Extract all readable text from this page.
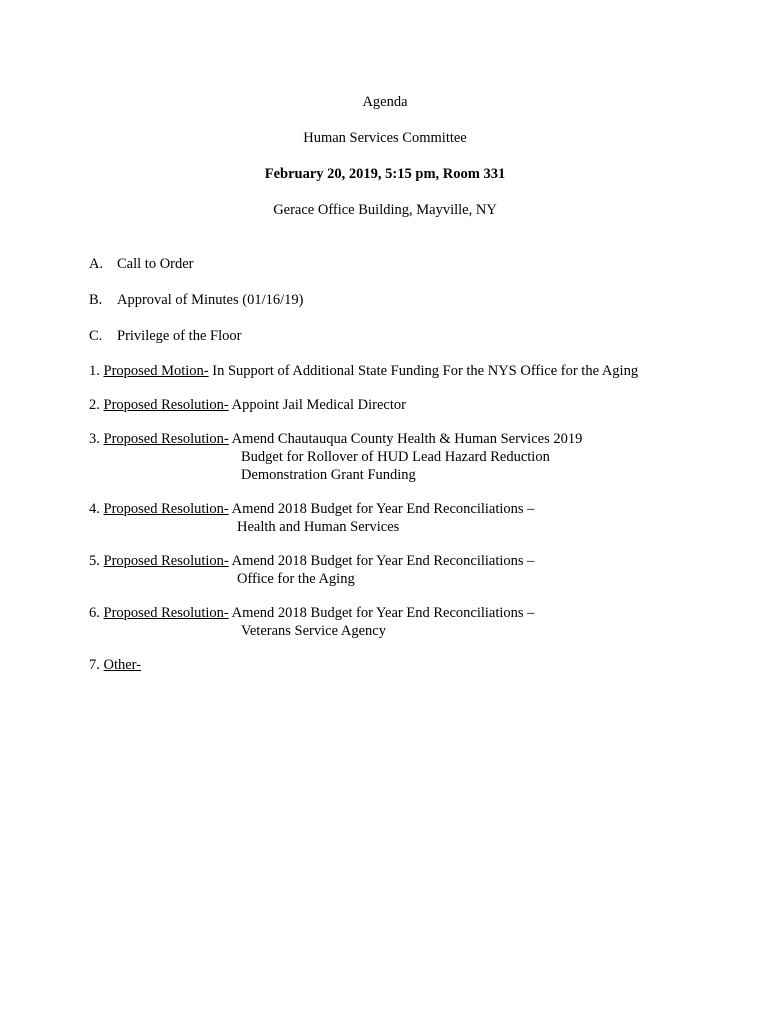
Agenda
Human Services Committee
February 20, 2019, 5:15 pm, Room 331
Gerace Office Building, Mayville, NY
A. Call to Order
B.	Approval of Minutes (01/16/19)
C.	Privilege of the Floor
1. Proposed Motion- In Support of Additional State Funding For the NYS Office for the Aging
2. Proposed Resolution- Appoint Jail Medical Director
3. Proposed Resolution- Amend Chautauqua County Health & Human Services 2019
Budget for Rollover of HUD Lead Hazard Reduction
Demonstration Grant Funding
4. Proposed Resolution- Amend 2018 Budget for Year End Reconciliations –
Health and Human Services
5. Proposed Resolution- Amend 2018 Budget for Year End Reconciliations –
Office for the Aging
6. Proposed Resolution- Amend 2018 Budget for Year End Reconciliations –
Veterans Service Agency
7. Other-
